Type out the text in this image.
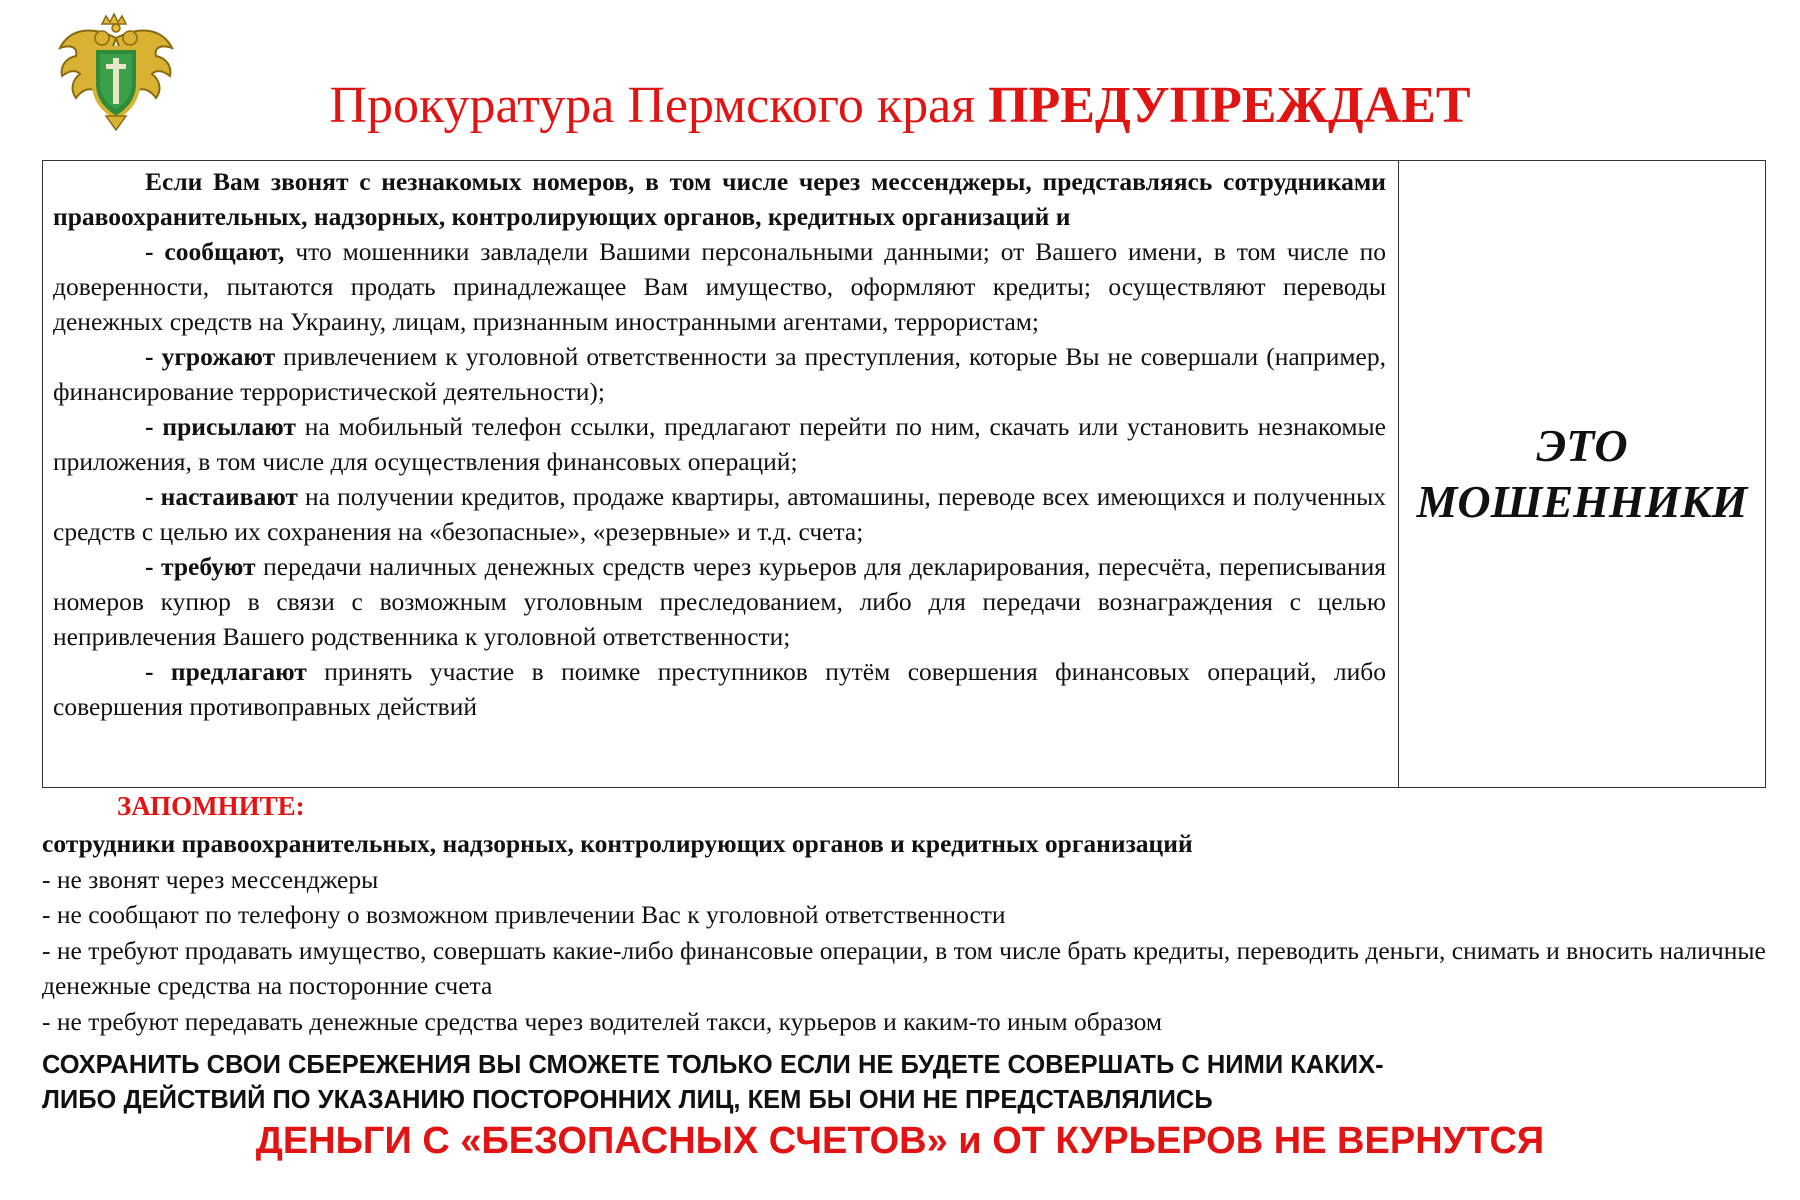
Прокуратура Пермского края ПРЕДУПРЕЖДАЕТ

Если Вам звонят с незнакомых номеров, в том числе через мессенджеры, представляясь сотрудниками правоохранительных, надзорных, контролирующих органов, кредитных организаций и

- сообщают, что мошенники завладели Вашими персональными данными; от Вашего имени, в том числе по доверенности, пытаются продать принадлежащее Вам имущество, оформляют кредиты; осуществляют переводы денежных средств на Украину, лицам, признанным иностранными агентами, террористам;

- угрожают привлечением к уголовной ответственности за преступления, которые Вы не совершали (например, финансирование террористической деятельности);

- присылают на мобильный телефон ссылки, предлагают перейти по ним, скачать или установить незнакомые приложения, в том числе для осуществления финансовых операций;

- настаивают на получении кредитов, продаже квартиры, автомашины, переводе всех имеющихся и полученных средств с целью их сохранения на «безопасные», «резервные» и т.д. счета;

- требуют передачи наличных денежных средств через курьеров для декларирования, пересчёта, переписывания номеров купюр в связи с возможным уголовным преследованием, либо для передачи вознаграждения с целью непривлечения Вашего родственника к уголовной ответственности;

- предлагают принять участие в поимке преступников путём совершения финансовых операций, либо совершения противоправных действий

ЭТО
МОШЕННИКИ
ЗАПОМНИТЕ:
сотрудники правоохранительных, надзорных, контролирующих органов и кредитных организаций
- не звонят через мессенджеры
- не сообщают по телефону о возможном привлечении Вас к уголовной ответственности
- не требуют продавать имущество, совершать какие-либо финансовые операции, в том числе брать кредиты, переводить деньги, снимать и вносить наличные денежные средства на посторонние счета
- не требуют передавать денежные средства через водителей такси, курьеров и каким-то иным образом
СОХРАНИТЬ СВОИ СБЕРЕЖЕНИЯ ВЫ СМОЖЕТЕ ТОЛЬКО ЕСЛИ НЕ БУДЕТЕ СОВЕРШАТЬ С НИМИ КАКИХ-
ЛИБО ДЕЙСТВИЙ ПО УКАЗАНИЮ ПОСТОРОННИХ ЛИЦ, КЕМ БЫ ОНИ НЕ ПРЕДСТАВЛЯЛИСЬ
ДЕНЬГИ С «БЕЗОПАСНЫХ СЧЕТОВ» и ОТ КУРЬЕРОВ НЕ ВЕРНУТСЯ
